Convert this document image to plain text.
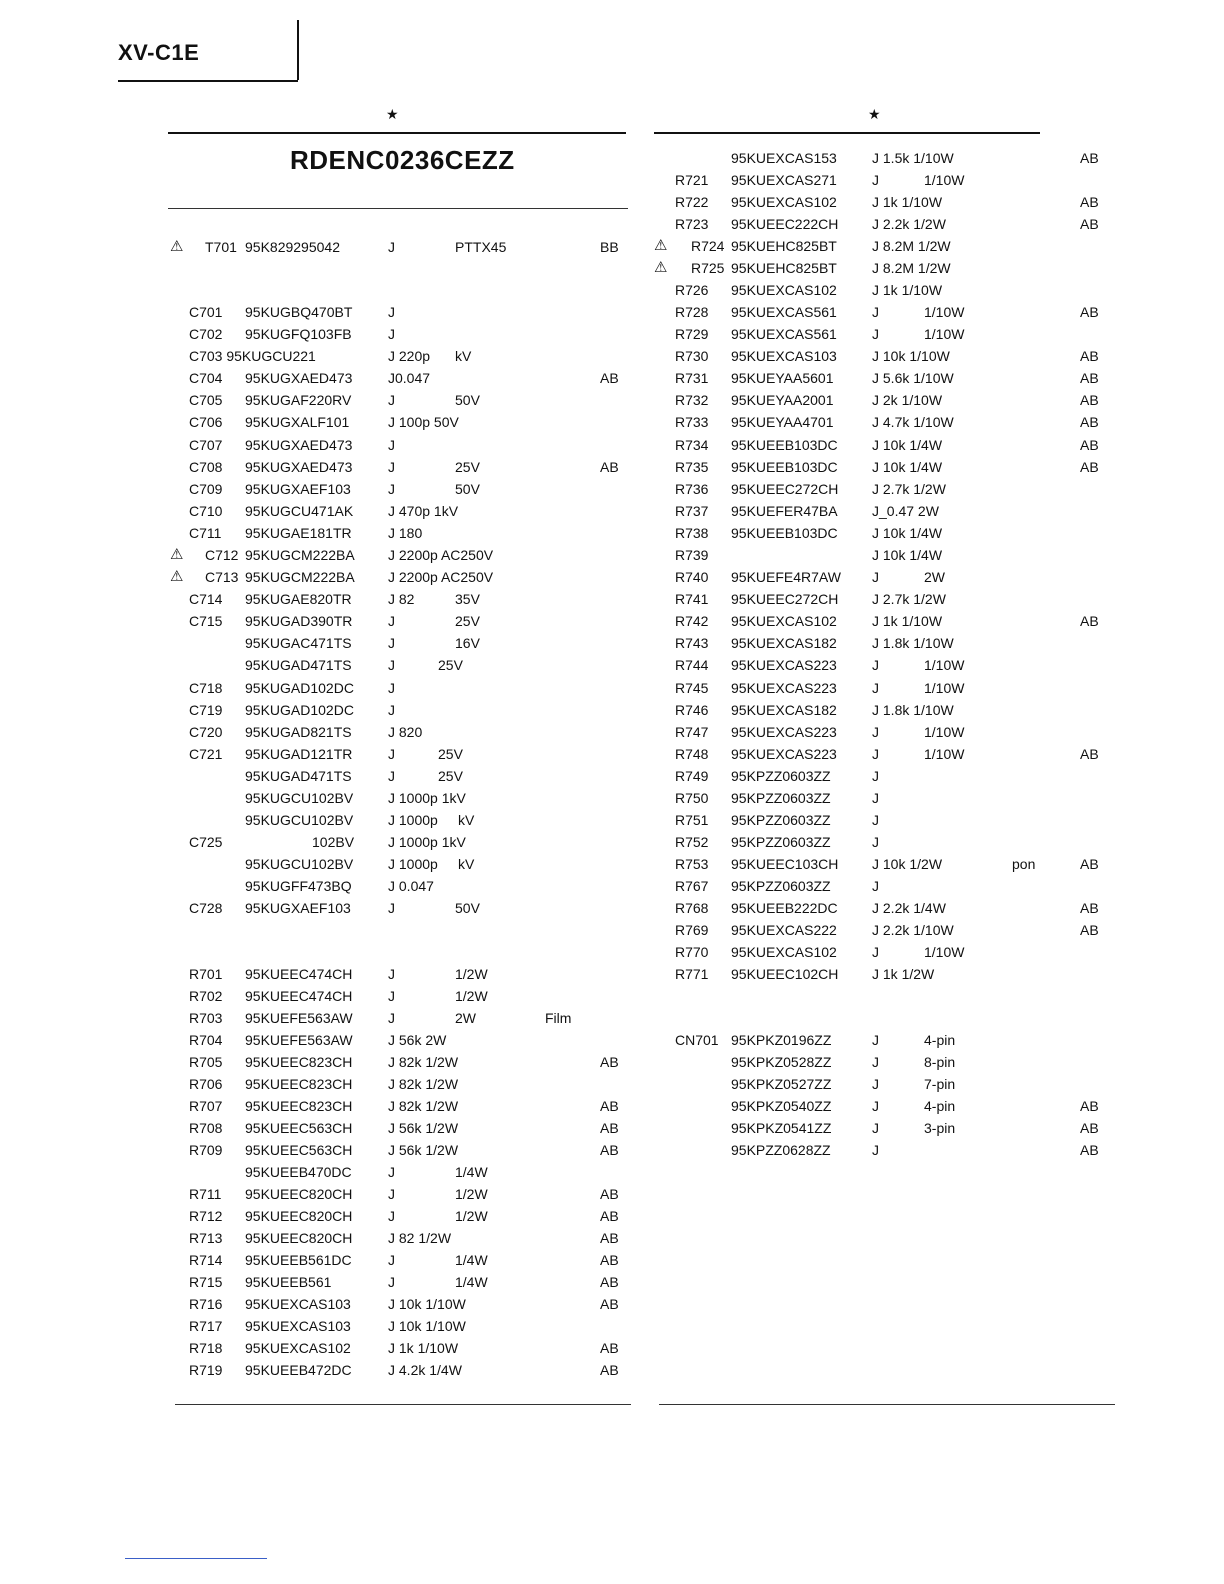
XV-C1E
★	★
RDENC0236CEZZ
⚠ T701 95K829295042	J	PTTX45	BB
C701 95KUGBQ470BT	J
C702 95KUGFQ103FB	J
C703 95KUGCU221	J 220p kV
C704 95KUGXAED473	J0.047	AB
C705 95KUGAF220RV	J	50V
C706 95KUGXALF101	J 100p 50V
C707 95KUGXAED473	J
C708 95KUGXAED473	J	25V	AB
C709 95KUGXAEF103	J	50V
C710 95KUGCU471AK J 470p 1kV
C711 95KUGAE181TR	J 180
⚠ C712 95KUGCM222BA J 2200p AC250V
⚠ C713 95KUGCM222BA J 2200p AC250V
C714 95KUGAE820TR	J 82	35V
C715 95KUGAD390TR	J	25V
95KUGAC471TS	J	16V
95KUGAD471TS	J	25V
C718 95KUGAD102DC J
C719 95KUGAD102DC J
C720 95KUGAD821TS	J 820
C721 95KUGAD121TR	J	25V
95KUGAD471TS	J	25V
95KUGCU102BV J 1000p 1kV
95KUGCU102BV J 1000p kV
C725	102BV J 1000p 1kV
95KUGCU102BV J 1000p kV
95KUGFF473BQ	J 0.047
C728 95KUGXAEF103	J	50V
R701 95KUEEC474CH	J	1/2W
R702 95KUEEC474CH	J	1/2W
R703 95KUEFE563AW	J	2W	Film
R704 95KUEFE563AW	J 56k 2W
R705 95KUEEC823CH	J 82k 1/2W	AB
R706 95KUEEC823CH	J 82k 1/2W
R707 95KUEEC823CH	J 82k 1/2W	AB
R708 95KUEEC563CH	J 56k 1/2W	AB
R709 95KUEEC563CH	J 56k 1/2W	AB
95KUEEB470DC	J	1/4W
R711 95KUEEC820CH	J	1/2W	AB
R712 95KUEEC820CH	J	1/2W	AB
R713 95KUEEC820CH	J 82 1/2W	AB
R714 95KUEEB561DC	J	1/4W	AB
R715 95KUEEB561	J	1/4W	AB
R716 95KUEXCAS103	J 10k 1/10W	AB
R717 95KUEXCAS103	J 10k 1/10W
R718 95KUEXCAS102	J 1k 1/10W	AB
R719 95KUEEB472DC	J 4.2k 1/4W	AB
95KUEXCAS153	J 1.5k 1/10W	AB
R721 95KUEXCAS271	J	1/10W
R722 95KUEXCAS102	J 1k 1/10W	AB
R723 95KUEEC222CH J 2.2k 1/2W	AB
⚠ R724 95KUEHC825BT	J 8.2M 1/2W
⚠ R725 95KUEHC825BT	J 8.2M 1/2W
R726 95KUEXCAS102	J 1k 1/10W
R728 95KUEXCAS561	J	1/10W	AB
R729 95KUEXCAS561	J	1/10W
R730 95KUEXCAS103	J 10k 1/10W	AB
R731 95KUEYAA5601	J 5.6k 1/10W	AB
R732 95KUEYAA2001	J 2k 1/10W	AB
R733 95KUEYAA4701	J 4.7k 1/10W	AB
R734 95KUEEB103DC J 10k 1/4W	AB
R735 95KUEEB103DC J 10k 1/4W	AB
R736 95KUEEC272CH J 2.7k 1/2W
R737 95KUEFER47BA J_0.47 2W
R738 95KUEEB103DC J 10k 1/4W
R739	J 10k 1/4W
R740 95KUEFE4R7AW J	2W
R741 95KUEEC272CH J 2.7k 1/2W
R742 95KUEXCAS102	J 1k 1/10W	AB
R743 95KUEXCAS182	J 1.8k 1/10W
R744 95KUEXCAS223	J	1/10W
R745 95KUEXCAS223	J	1/10W
R746 95KUEXCAS182	J 1.8k 1/10W
R747 95KUEXCAS223	J	1/10W
R748 95KUEXCAS223	J	1/10W	AB
R749 95KPZZ0603ZZ	J
R750 95KPZZ0603ZZ	J
R751 95KPZZ0603ZZ	J
R752 95KPZZ0603ZZ	J
R753 95KUEEC103CH J 10k 1/2W	pon	AB
R767 95KPZZ0603ZZ	J
R768 95KUEEB222DC J 2.2k 1/4W	AB
R769 95KUEXCAS222	J 2.2k 1/10W	AB
R770 95KUEXCAS102	J	1/10W
R771 95KUEEC102CH J 1k 1/2W
CN701 95KPKZ0196ZZ	J	4-pin
95KPKZ0528ZZ	J	8-pin
95KPKZ0527ZZ	J	7-pin
95KPKZ0540ZZ	J	4-pin	AB
95KPKZ0541ZZ	J	3-pin	AB
95KPZZ0628ZZ	J	AB
